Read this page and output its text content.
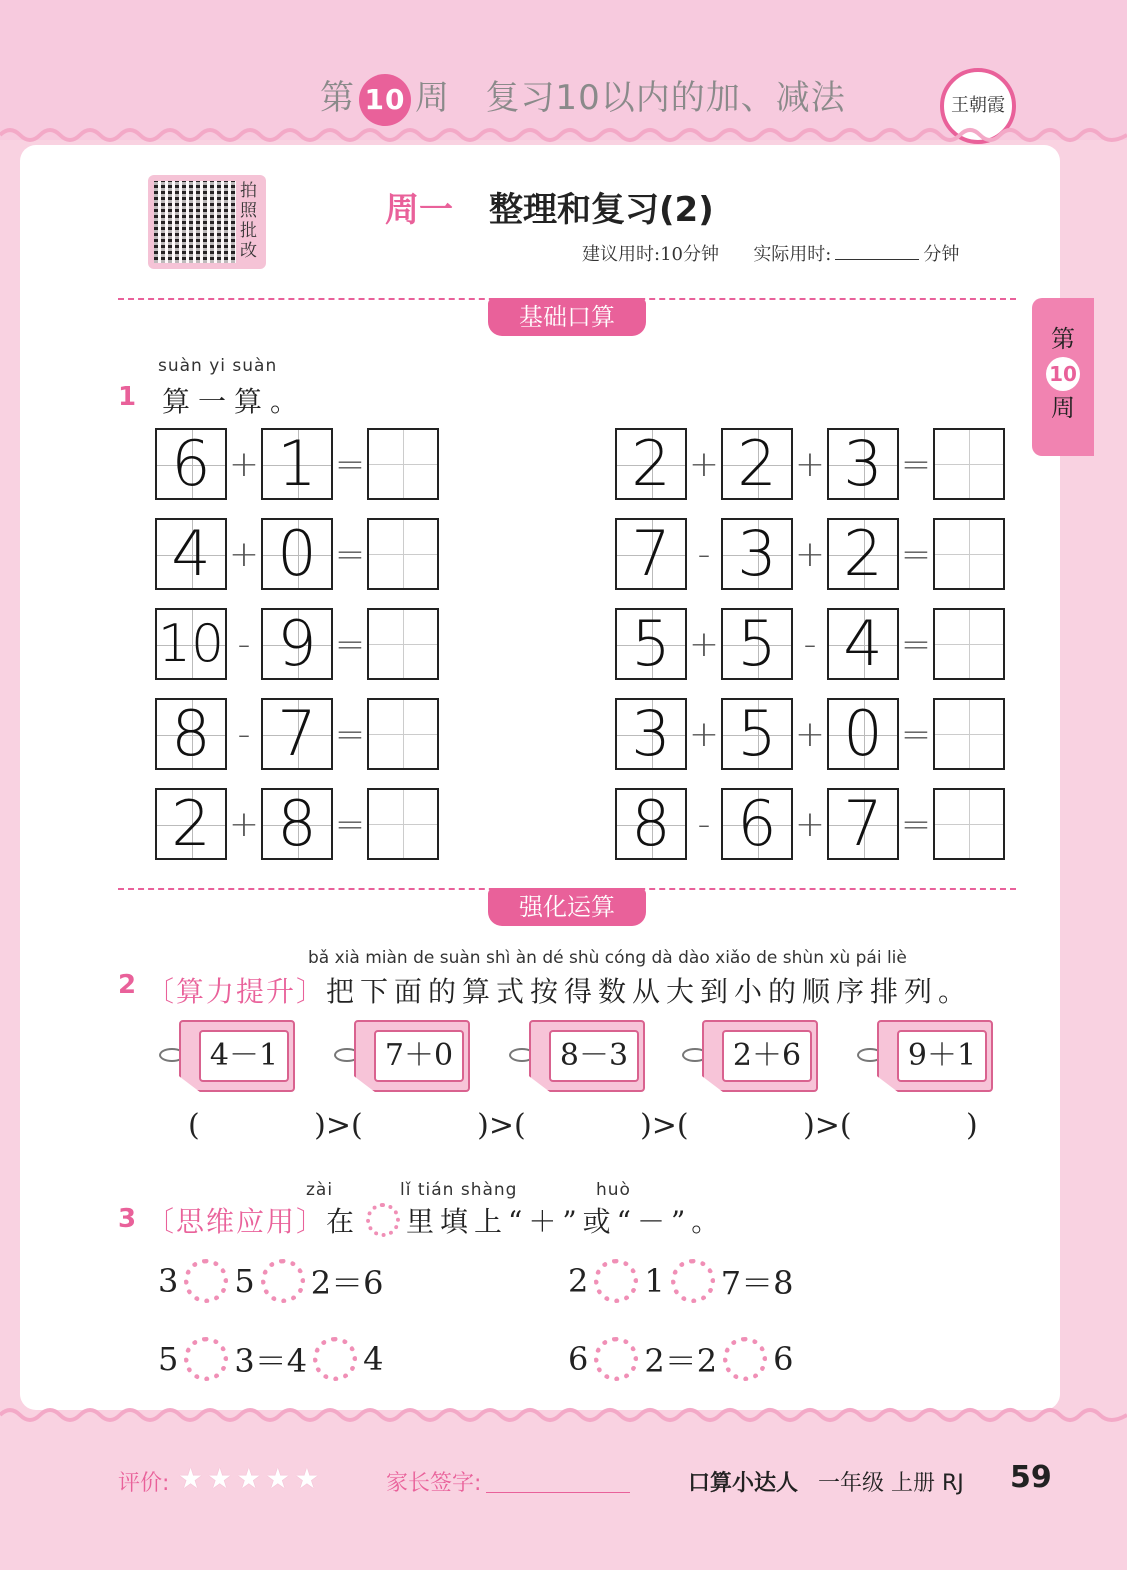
第 10 周 复习10以内的加、减法	王朝霞
拍照批改
周一 整理和复习(2)
建议用时:10分钟 实际用时:	分钟
第
10
周
基础口算
suàn yi suàn
1 算一算。
6 + 1 =
4 + 0 =
10 - 9 =
8 - 7 =
2 + 8 =
2 + 2 + 3 =
7 - 3 + 2 =
5 + 5 - 4 =
3 + 5 + 0 =
8 - 6 + 7 =
强化运算
bǎ xià miàn de suàn shì àn dé shù cóng dà dào xiǎo de shùn xù pái liè
2 〔算力提升〕把下面的算式按得数从大到小的顺序排列。
4－1	7＋0	8－3	2＋6	9＋1
(            )>(            )>(            )>(            )>(            )
zài	lǐ tián shàng	huò
3 〔思维应用〕 在 里填上“＋”或“－”。
3 5 2＝6	2 1 7＝8
5 3＝4 4	6 2＝2 6
评价: ★★★★★	家长签字:	口算小达人 一年级 上册 RJ 59
